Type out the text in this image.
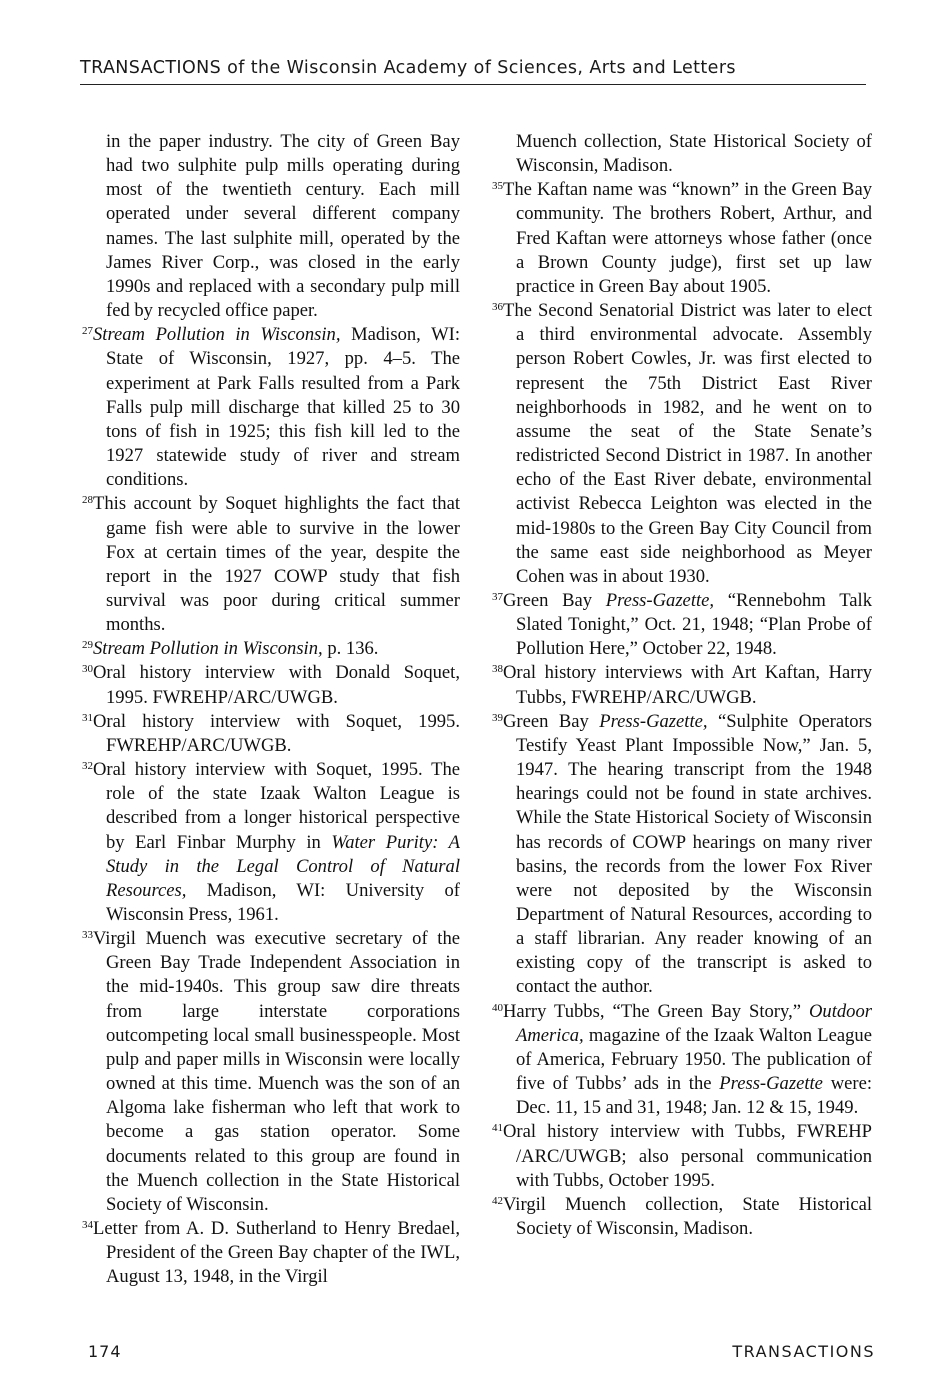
TRANSACTIONS of the Wisconsin Academy of Sciences, Arts and Letters

in the paper industry. The city of Green Bay had two sulphite pulp mills operating during most of the twentieth century. Each mill operated under several different company names. The last sulphite mill, operated by the James River Corp., was closed in the early 1990s and replaced with a secondary pulp mill fed by recycled office paper.

$^{27}$Stream Pollution in Wisconsin, Madison, WI: State of Wisconsin, 1927, pp. 4–5. The experiment at Park Falls resulted from a Park Falls pulp mill discharge that killed 25 to 30 tons of fish in 1925; this fish kill led to the 1927 statewide study of river and stream conditions.

$^{28}$This account by Soquet highlights the fact that game fish were able to survive in the lower Fox at certain times of the year, despite the report in the 1927 COWP study that fish survival was poor during critical summer months.

$^{29}$Stream Pollution in Wisconsin, p. 136.

$^{30}$Oral history interview with Donald Soquet, 1995. FWREHP/ARC/UWGB.

$^{31}$Oral history interview with Soquet, 1995. FWREHP/ARC/UWGB.

$^{32}$Oral history interview with Soquet, 1995. The role of the state Izaak Walton League is described from a longer historical perspective by Earl Finbar Murphy in Water Purity: A Study in the Legal Control of Natural Resources, Madison, WI: University of Wisconsin Press, 1961.

$^{33}$Virgil Muench was executive secretary of the Green Bay Trade Independent Association in the mid-1940s. This group saw dire threats from large interstate corporations outcompeting local small businesspeople. Most pulp and paper mills in Wisconsin were locally owned at this time. Muench was the son of an Algoma lake fisherman who left that work to become a gas station operator. Some documents related to this group are found in the Muench collection in the State Historical Society of Wisconsin.

$^{34}$Letter from A. D. Sutherland to Henry Bredael, President of the Green Bay chapter of the IWL, August 13, 1948, in the Virgil

Muench collection, State Historical Society of Wisconsin, Madison.

$^{35}$The Kaftan name was “known” in the Green Bay community. The brothers Robert, Arthur, and Fred Kaftan were attorneys whose father (once a Brown County judge), first set up law practice in Green Bay about 1905.

$^{36}$The Second Senatorial District was later to elect a third environmental advocate. Assembly person Robert Cowles, Jr. was first elected to represent the 75th District East River neighborhoods in 1982, and he went on to assume the seat of the State Senate’s redistricted Second District in 1987. In another echo of the East River debate, environmental activist Rebecca Leighton was elected in the mid-1980s to the Green Bay City Council from the same east side neighborhood as Meyer Cohen was in about 1930.

$^{37}$Green Bay Press-Gazette, “Rennebohm Talk Slated Tonight,” Oct. 21, 1948; “Plan Probe of Pollution Here,” October 22, 1948.

$^{38}$Oral history interviews with Art Kaftan, Harry Tubbs, FWREHP/ARC/UWGB.

$^{39}$Green Bay Press-Gazette, “Sulphite Operators Testify Yeast Plant Impossible Now,” Jan. 5, 1947. The hearing transcript from the 1948 hearings could not be found in state archives. While the State Historical Society of Wisconsin has records of COWP hearings on many river basins, the records from the lower Fox River were not deposited by the Wisconsin Department of Natural Resources, according to a staff librarian. Any reader knowing of an existing copy of the transcript is asked to contact the author.

$^{40}$Harry Tubbs, “The Green Bay Story,” Outdoor America, magazine of the Izaak Walton League of America, February 1950. The publication of five of Tubbs’ ads in the Press-Gazette were: Dec. 11, 15 and 31, 1948; Jan. 12 & 15, 1949.

$^{41}$Oral history interview with Tubbs, FWREHP /ARC/UWGB; also personal communication with Tubbs, October 1995.

$^{42}$Virgil Muench collection, State Historical Society of Wisconsin, Madison.

174	TRANSACTIONS
